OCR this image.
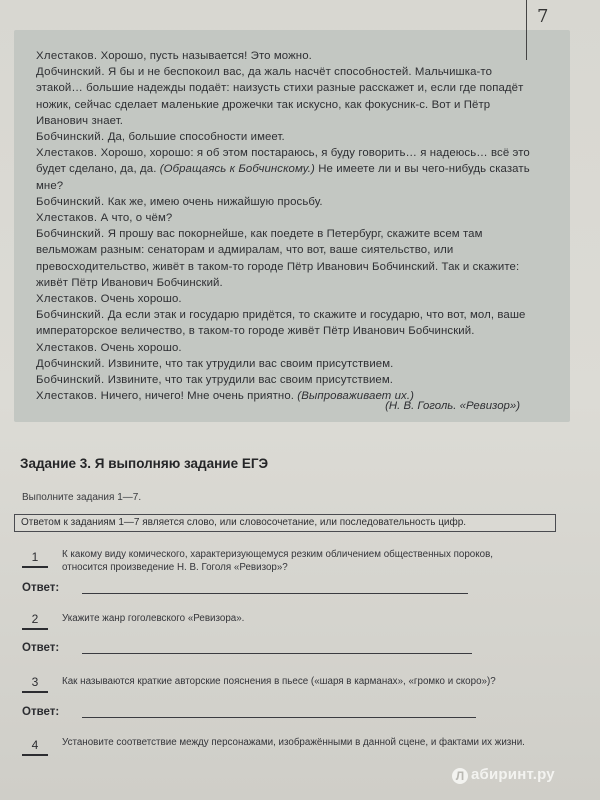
7

Хлестаков. Хорошо, пусть называется! Это можно.

Добчинский. Я бы и не беспокоил вас, да жаль насчёт способностей. Мальчишка-то этакой… большие надежды подаёт: наизусть стихи разные расскажет и, если где попадёт ножик, сейчас сделает маленькие дрожечки так искусно, как фокусник-с. Вот и Пётр Иванович знает.

Бобчинский. Да, большие способности имеет.

Хлестаков. Хорошо, хорошо: я об этом постараюсь, я буду говорить… я надеюсь… всё это будет сделано, да, да. (Обращаясь к Бобчинскому.) Не имеете ли и вы чего-нибудь сказать мне?

Бобчинский. Как же, имею очень нижайшую просьбу.

Хлестаков. А что, о чём?

Бобчинский. Я прошу вас покорнейше, как поедете в Петербург, скажите всем там вельможам разным: сенаторам и адмиралам, что вот, ваше сиятельство, или превосходительство, живёт в таком-то городе Пётр Иванович Бобчинский. Так и скажите: живёт Пётр Иванович Бобчинский.

Хлестаков. Очень хорошо.

Бобчинский. Да если этак и государю придётся, то скажите и государю, что вот, мол, ваше императорское величество, в таком-то городе живёт Пётр Иванович Бобчинский.

Хлестаков. Очень хорошо.

Добчинский. Извините, что так утрудили вас своим присутствием.

Бобчинский. Извините, что так утрудили вас своим присутствием.

Хлестаков. Ничего, ничего! Мне очень приятно. (Выпроваживает их.)

(Н. В. Гоголь. «Ревизор»)
Задание 3. Я выполняю задание ЕГЭ
Выполните задания 1—7.
Ответом к заданиям 1—7 является слово, или словосочетание, или последовательность цифр.
1	К какому виду комического, характеризующемуся резким обличением общественных пороков, относится произведение Н. В. Гоголя «Ревизор»?
Ответ:
2	Укажите жанр гоголевского «Ревизора».
Ответ:
3	Как называются краткие авторские пояснения в пьесе («шаря в карманах», «громко и скоро»)?
Ответ:
4	Установите соответствие между персонажами, изображёнными в данной сцене, и фактами их жизни.
Л абиринт.ру
